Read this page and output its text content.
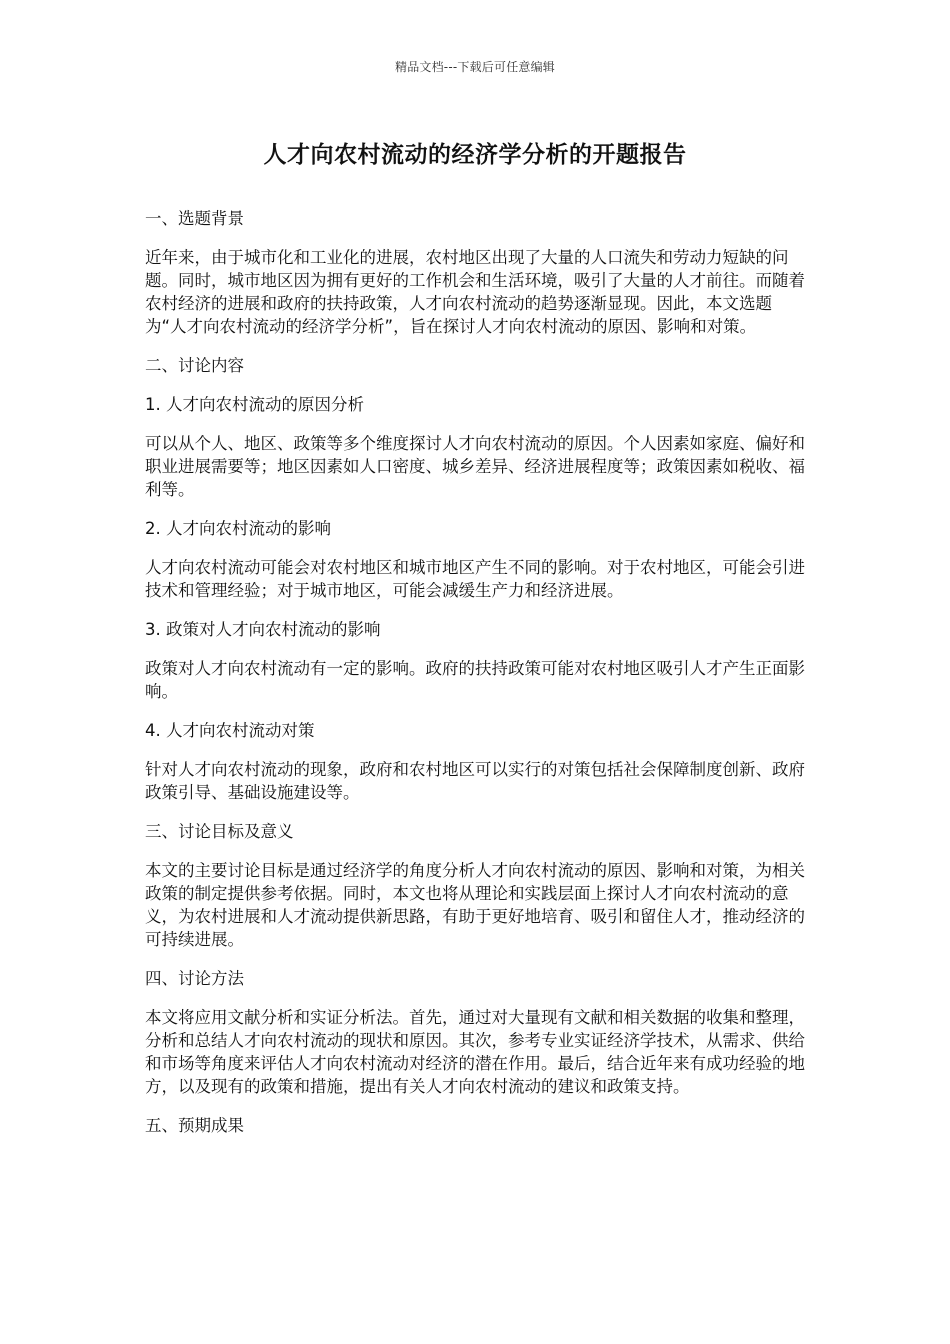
精品文档---下载后可任意编辑
人才向农村流动的经济学分析的开题报告

一、选题背景

近年来，由于城市化和工业化的进展，农村地区出现了大量的人口流失和劳动力短缺的问题。同时，城市地区因为拥有更好的工作机会和生活环境，吸引了大量的人才前往。而随着农村经济的进展和政府的扶持政策，人才向农村流动的趋势逐渐显现。因此，本文选题为“人才向农村流动的经济学分析”，旨在探讨人才向农村流动的原因、影响和对策。

二、讨论内容

1. 人才向农村流动的原因分析

可以从个人、地区、政策等多个维度探讨人才向农村流动的原因。个人因素如家庭、偏好和职业进展需要等；地区因素如人口密度、城乡差异、经济进展程度等；政策因素如税收、福利等。

2. 人才向农村流动的影响

人才向农村流动可能会对农村地区和城市地区产生不同的影响。对于农村地区，可能会引进技术和管理经验；对于城市地区，可能会减缓生产力和经济进展。

3. 政策对人才向农村流动的影响

政策对人才向农村流动有一定的影响。政府的扶持政策可能对农村地区吸引人才产生正面影响。

4. 人才向农村流动对策

针对人才向农村流动的现象，政府和农村地区可以实行的对策包括社会保障制度创新、政府政策引导、基础设施建设等。

三、讨论目标及意义

本文的主要讨论目标是通过经济学的角度分析人才向农村流动的原因、影响和对策，为相关政策的制定提供参考依据。同时，本文也将从理论和实践层面上探讨人才向农村流动的意义，为农村进展和人才流动提供新思路，有助于更好地培育、吸引和留住人才，推动经济的可持续进展。

四、讨论方法

本文将应用文献分析和实证分析法。首先，通过对大量现有文献和相关数据的收集和整理，分析和总结人才向农村流动的现状和原因。其次，参考专业实证经济学技术，从需求、供给和市场等角度来评估人才向农村流动对经济的潜在作用。最后，结合近年来有成功经验的地方，以及现有的政策和措施，提出有关人才向农村流动的建议和政策支持。

五、预期成果
